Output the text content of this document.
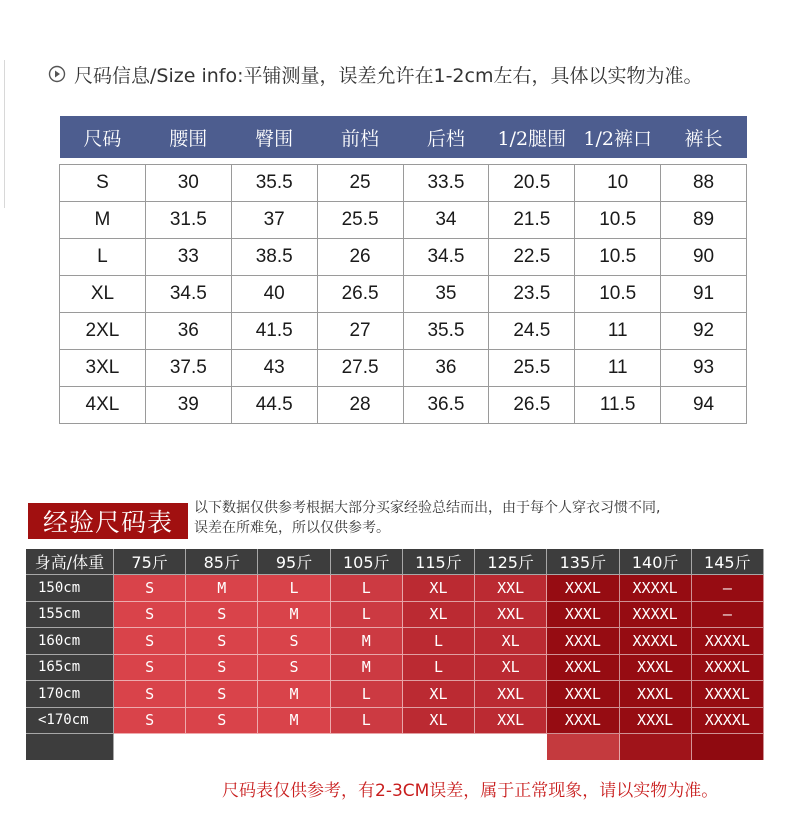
尺码信息/Size info:平铺测量，误差允许在1-2cm左右，具体以实物为准。
尺码	腰围	臀围	前档	后档	1/2腿围	1/2裤口	裤长

S	30	35.5	25	33.5	20.5	10	88
M	31.5	37	25.5	34	21.5	10.5	89
L	33	38.5	26	34.5	22.5	10.5	90
XL	34.5	40	26.5	35	23.5	10.5	91
2XL	36	41.5	27	35.5	24.5	11	92
3XL	37.5	43	27.5	36	25.5	11	93
4XL	39	44.5	28	36.5	26.5	11.5	94
经验尺码表	以下数据仅供参考根据大部分买家经验总结而出，由于每个人穿衣习惯不同,
误差在所难免，所以仅供参考。
身高/体重	75斤	85斤	95斤	105斤	115斤	125斤	135斤	140斤	145斤
150cm	S	M	L	L	XL	XXL	XXXL	XXXXL	—
155cm	S	S	M	L	XL	XXL	XXXL	XXXXL	—
160cm	S	S	S	M	L	XL	XXXL	XXXXL	XXXXL
165cm	S	S	S	M	L	XL	XXXL	XXXL	XXXXL
170cm	S	S	M	L	XL	XXL	XXXL	XXXL	XXXXL
<170cm	S	S	M	L	XL	XXL	XXXL	XXXL	XXXXL
尺码表仅供参考，有2-3CM误差，属于正常现象，请以实物为准。
